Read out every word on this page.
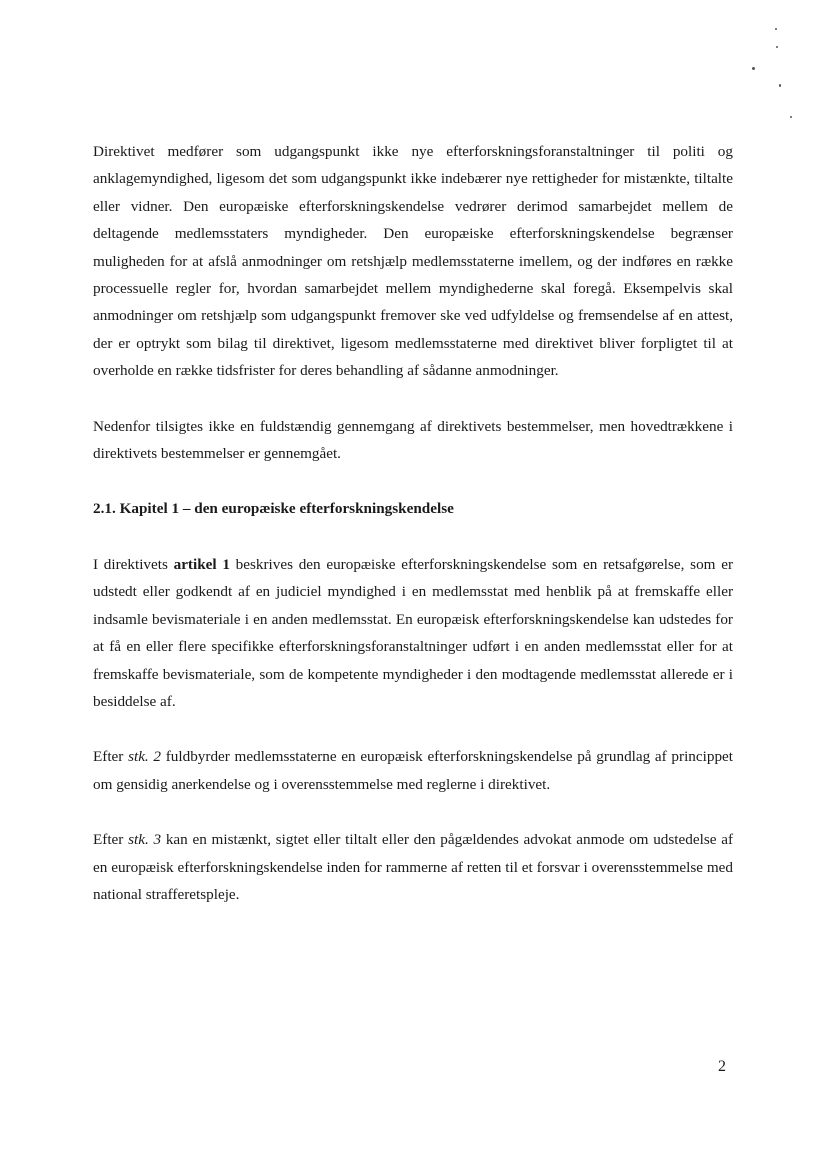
Direktivet medfører som udgangspunkt ikke nye efterforskningsforanstaltninger til politi og anklagemyndighed, ligesom det som udgangspunkt ikke indebærer nye rettigheder for mistænkte, tiltalte eller vidner. Den europæiske efterforskningskendelse vedrører derimod samarbejdet mellem de deltagende medlemsstaters myndigheder. Den europæiske efterforskningskendelse begrænser muligheden for at afslå anmodninger om retshjælp medlemsstaterne imellem, og der indføres en række processuelle regler for, hvordan samarbejdet mellem myndighederne skal foregå. Eksempelvis skal anmodninger om retshjælp som udgangspunkt fremover ske ved udfyldelse og fremsendelse af en attest, der er optrykt som bilag til direktivet, ligesom medlemsstaterne med direktivet bliver forpligtet til at overholde en række tidsfrister for deres behandling af sådanne anmodninger.

Nedenfor tilsigtes ikke en fuldstændig gennemgang af direktivets bestemmelser, men hovedtrækkene i direktivets bestemmelser er gennemgået.

2.1. Kapitel 1 – den europæiske efterforskningskendelse

I direktivets artikel 1 beskrives den europæiske efterforskningskendelse som en retsafgørelse, som er udstedt eller godkendt af en judiciel myndighed i en medlemsstat med henblik på at fremskaffe eller indsamle bevismateriale i en anden medlemsstat. En europæisk efterforskningskendelse kan udstedes for at få en eller flere specifikke efterforskningsforanstaltninger udført i en anden medlemsstat eller for at fremskaffe bevismateriale, som de kompetente myndigheder i den modtagende medlemsstat allerede er i besiddelse af.

Efter stk. 2 fuldbyrder medlemsstaterne en europæisk efterforskningskendelse på grundlag af princippet om gensidig anerkendelse og i overensstemmelse med reglerne i direktivet.

Efter stk. 3 kan en mistænkt, sigtet eller tiltalt eller den pågældendes advokat anmode om udstedelse af en europæisk efterforskningskendelse inden for rammerne af retten til et forsvar i overensstemmelse med national strafferetspleje.

2
